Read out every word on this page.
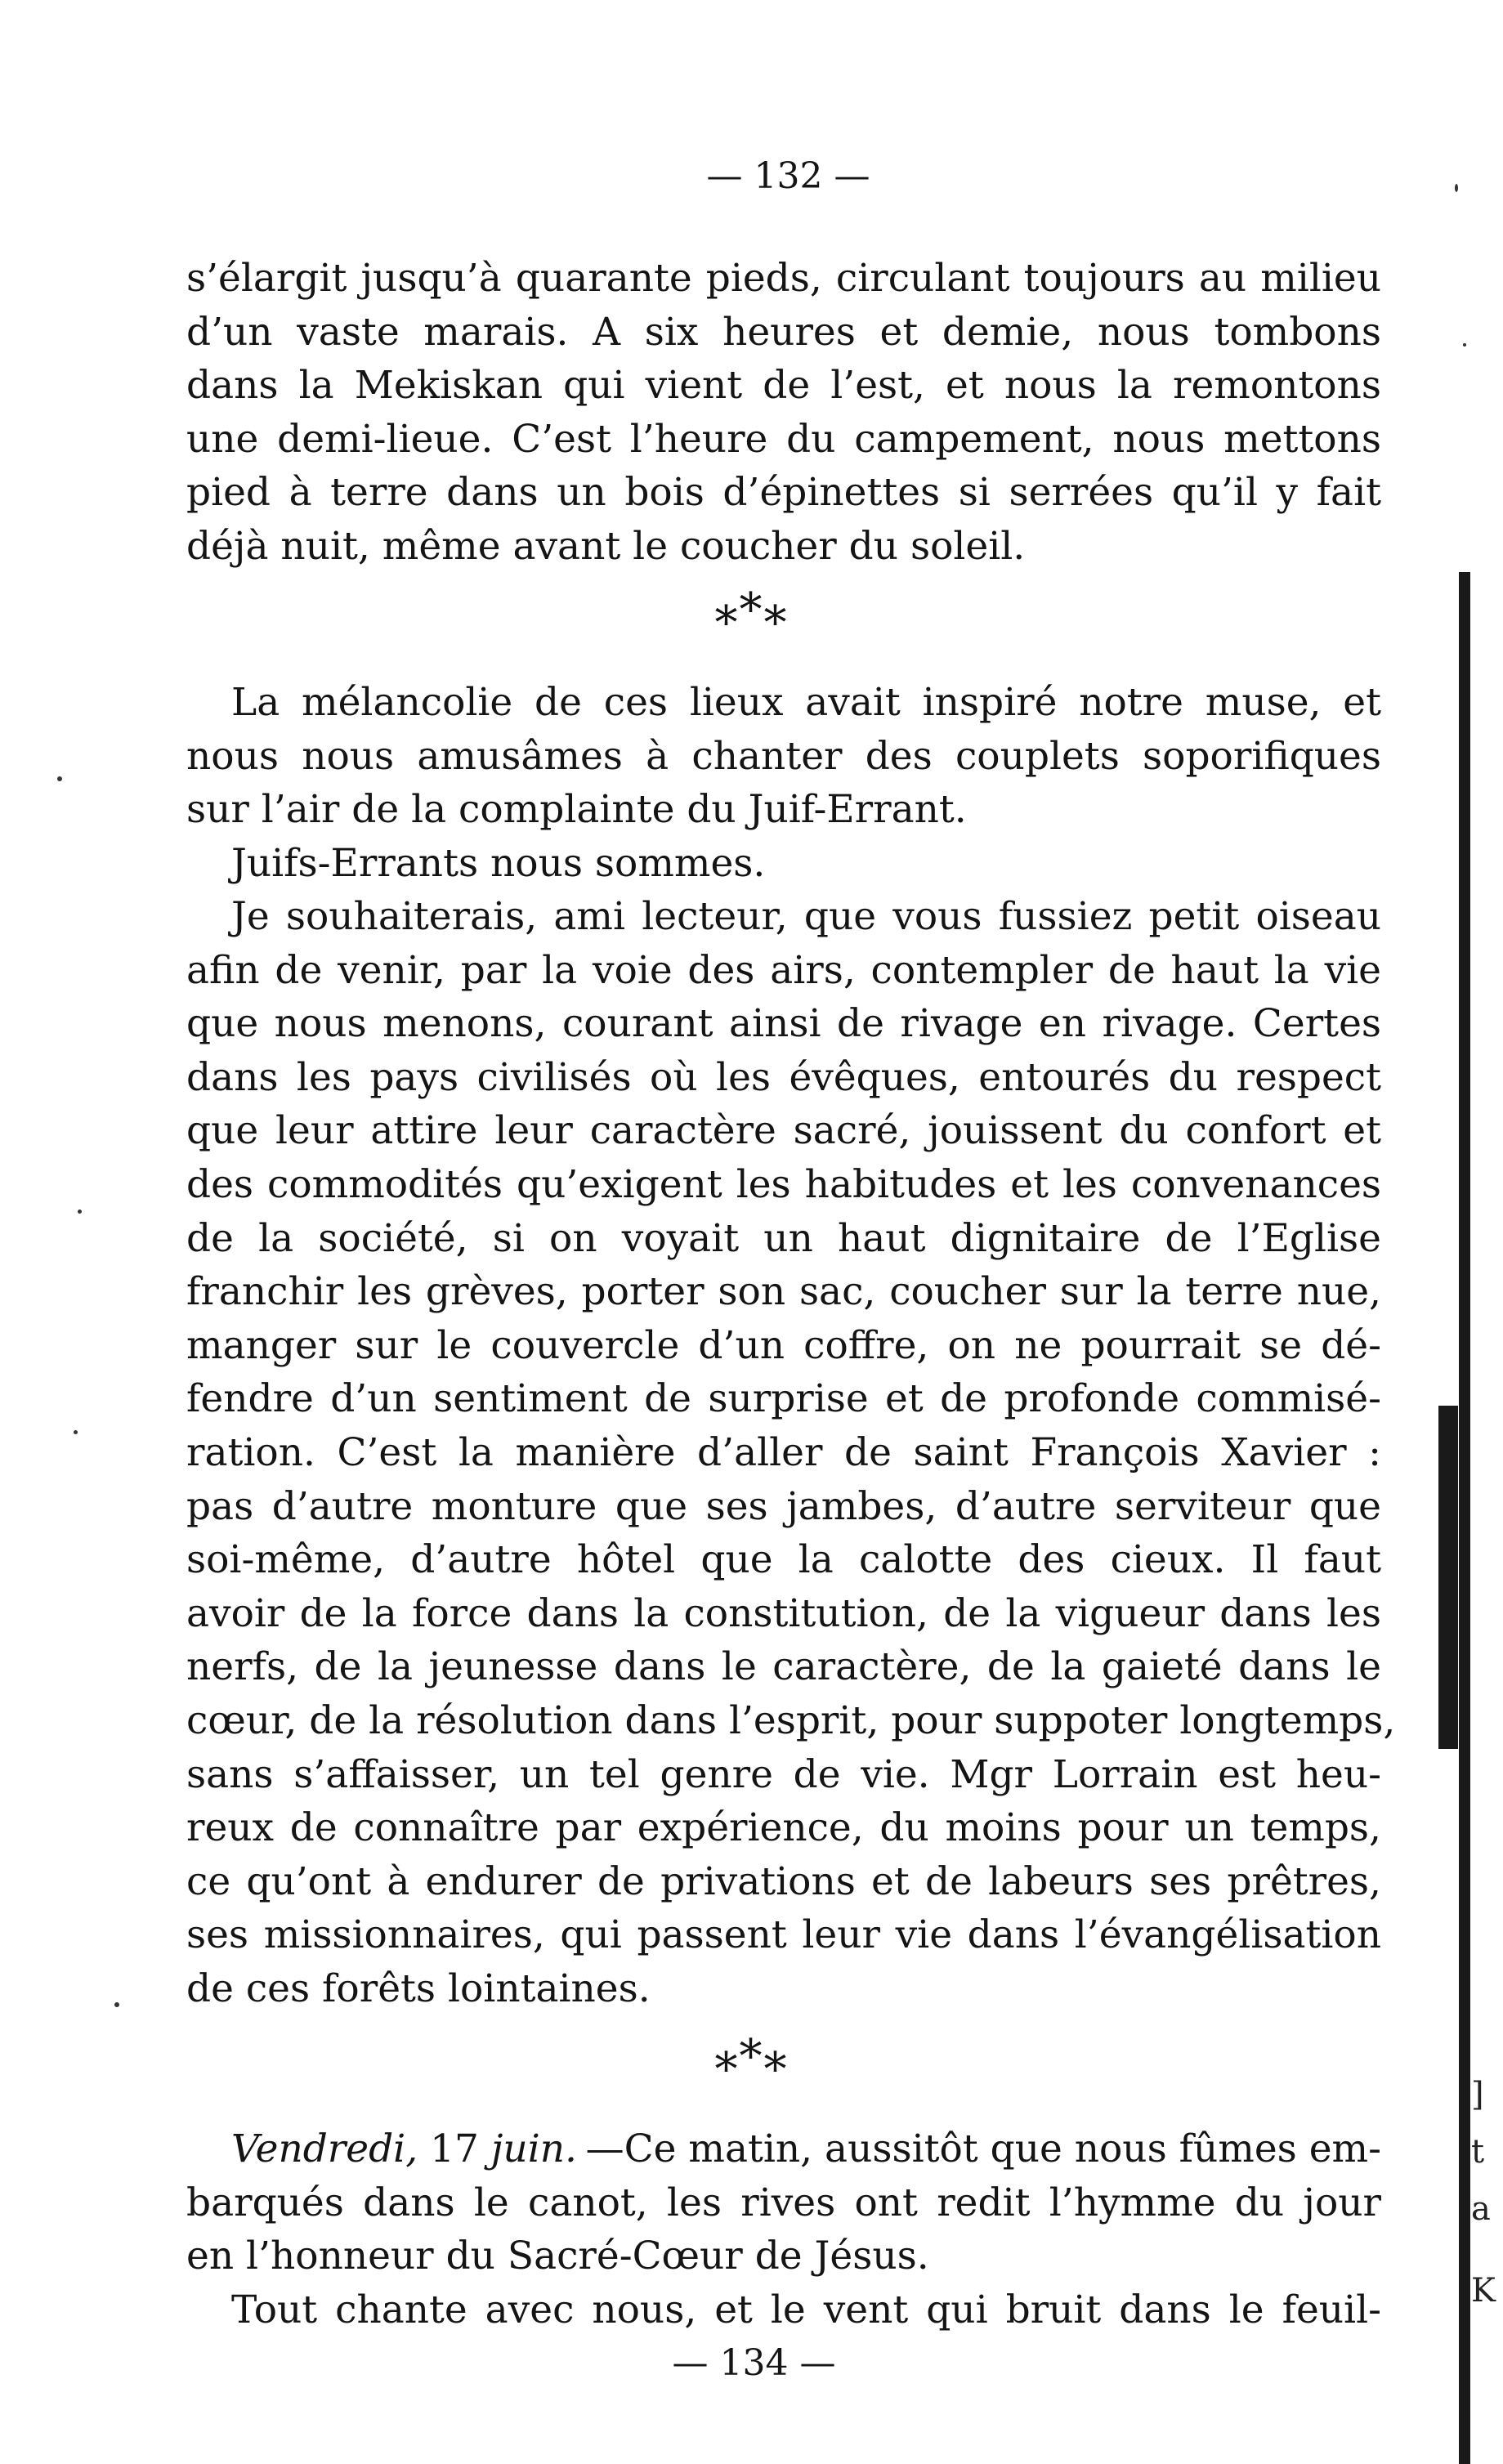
— 132 —
s’élargit jusqu’à quarante pieds, circulant toujours au milieu
d’un vaste marais. A six heures et demie, nous tombons
dans la Mekiskan qui vient de l’est, et nous la remontons
une demi-lieue. C’est l’heure du campement, nous mettons
pied à terre dans un bois d’épinettes si serrées qu’il y fait
déjà nuit, même avant le coucher du soleil.
***
La mélancolie de ces lieux avait inspiré notre muse, et
nous nous amusâmes à chanter des couplets soporifiques
sur l’air de la complainte du Juif-Errant.
Juifs-Errants nous sommes.
Je souhaiterais, ami lecteur, que vous fussiez petit oiseau
afin de venir, par la voie des airs, contempler de haut la vie
que nous menons, courant ainsi de rivage en rivage. Certes
dans les pays civilisés où les évêques, entourés du respect
que leur attire leur caractère sacré, jouissent du confort et
des commodités qu’exigent les habitudes et les convenances
de la société, si on voyait un haut dignitaire de l’Eglise
franchir les grèves, porter son sac, coucher sur la terre nue,
manger sur le couvercle d’un coffre, on ne pourrait se dé-
fendre d’un sentiment de surprise et de profonde commisé-
ration. C’est la manière d’aller de saint François Xavier :
pas d’autre monture que ses jambes, d’autre serviteur que
soi-même, d’autre hôtel que la calotte des cieux. Il faut
avoir de la force dans la constitution, de la vigueur dans les
nerfs, de la jeunesse dans le caractère, de la gaieté dans le
cœur, de la résolution dans l’esprit, pour suppoter longtemps,
sans s’affaisser, un tel genre de vie. Mgr Lorrain est heu-
reux de connaître par expérience, du moins pour un temps,
ce qu’ont à endurer de privations et de labeurs ses prêtres,
ses missionnaires, qui passent leur vie dans l’évangélisation
de ces forêts lointaines.
***
Vendredi, 17 juin. —Ce matin, aussitôt que nous fûmes em-
barqués dans le canot, les rives ont redit l’hymme du jour
en l’honneur du Sacré-Cœur de Jésus.
Tout chante avec nous, et le vent qui bruit dans le feuil-
— 134 —
]
t
a
K
